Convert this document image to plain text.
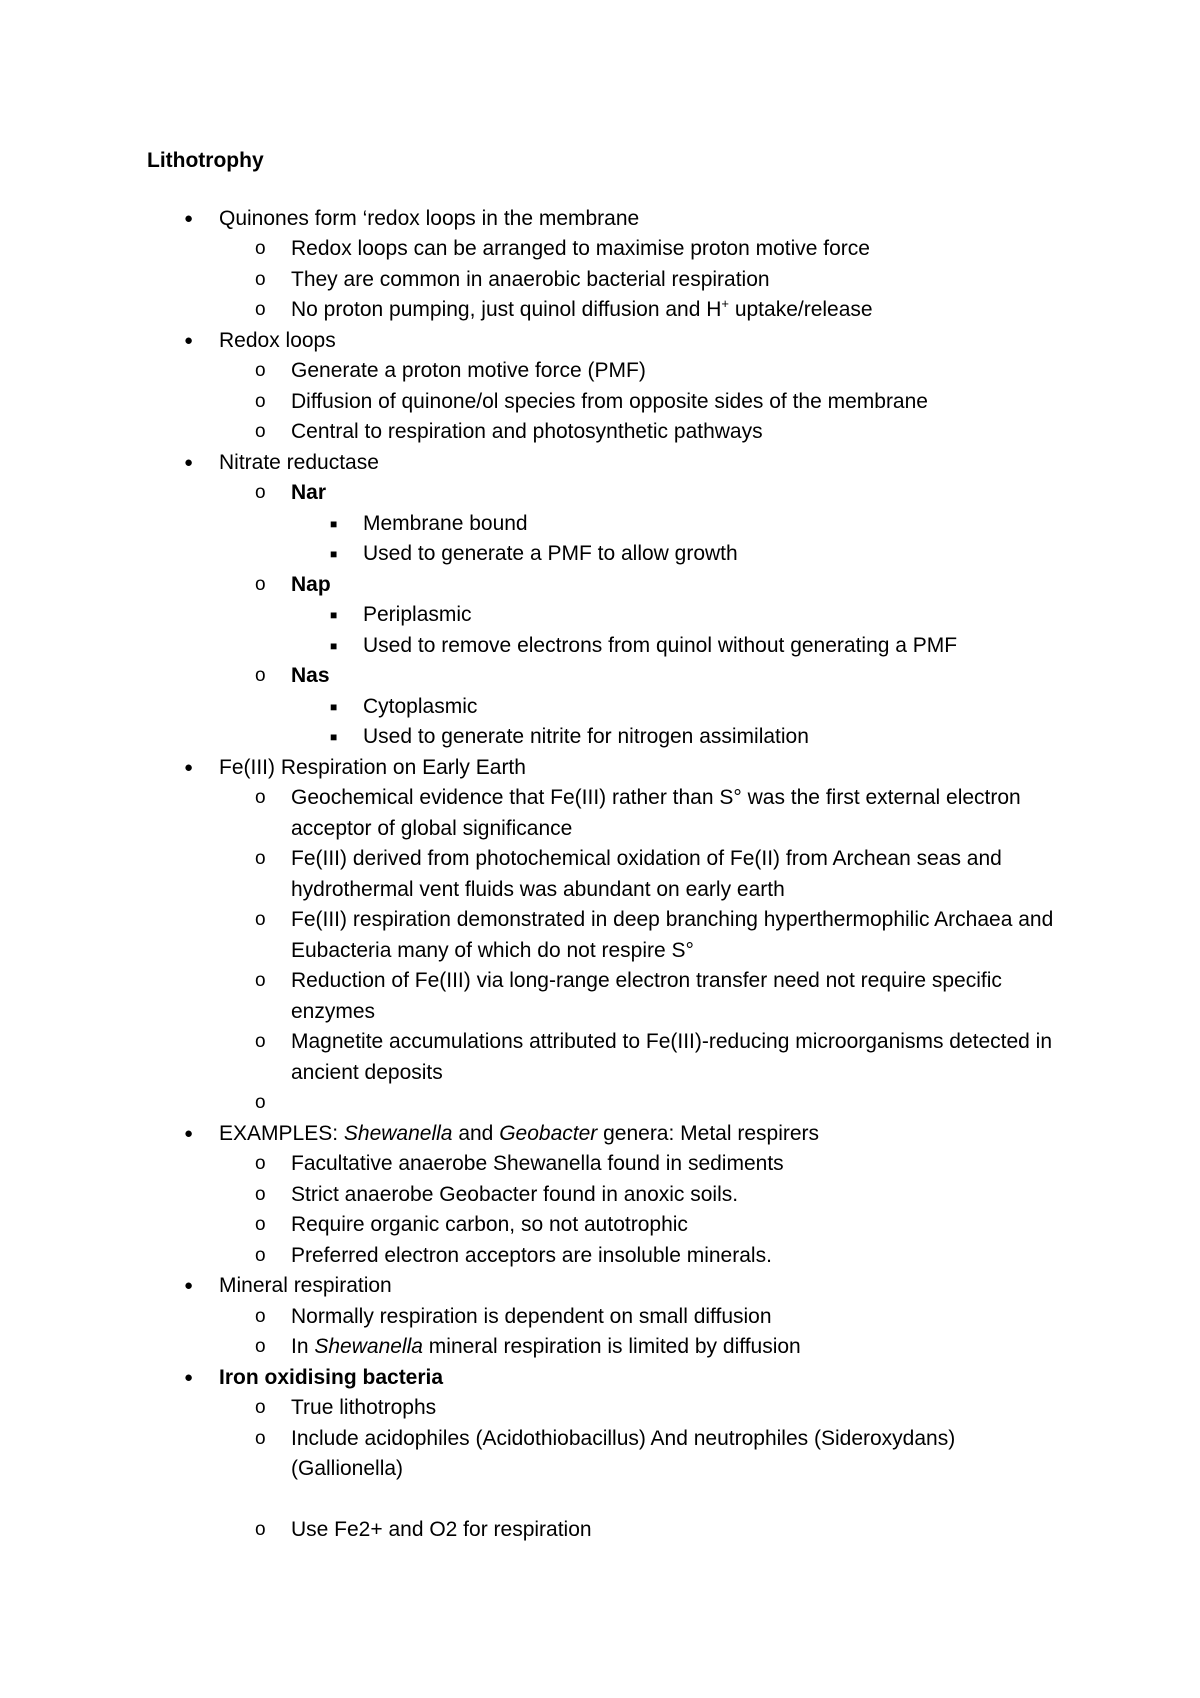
Lithotrophy
● Quinones form ‘redox loops in the membrane
o Redox loops can be arranged to maximise proton motive force
o They are common in anaerobic bacterial respiration
o No proton pumping, just quinol diffusion and H+ uptake/release
● Redox loops
o Generate a proton motive force (PMF)
o Diffusion of quinone/ol species from opposite sides of the membrane
o Central to respiration and photosynthetic pathways
● Nitrate reductase
o Nar
■ Membrane bound
■ Used to generate a PMF to allow growth
o Nap
■ Periplasmic
■ Used to remove electrons from quinol without generating a PMF
o Nas
■ Cytoplasmic
■ Used to generate nitrite for nitrogen assimilation
● Fe(III) Respiration on Early Earth
o Geochemical evidence that Fe(III) rather than S° was the first external electron acceptor of global significance
o Fe(III) derived from photochemical oxidation of Fe(II) from Archean seas and hydrothermal vent fluids was abundant on early earth
o Fe(III) respiration demonstrated in deep branching hyperthermophilic Archaea and Eubacteria many of which do not respire S°
o Reduction of Fe(III) via long-range electron transfer need not require specific enzymes
o Magnetite accumulations attributed to Fe(III)-reducing microorganisms detected in ancient deposits
o
● EXAMPLES: Shewanella and Geobacter genera: Metal respirers
o Facultative anaerobe Shewanella found in sediments
o Strict anaerobe Geobacter found in anoxic soils.
o Require organic carbon, so not autotrophic
o Preferred electron acceptors are insoluble minerals.
● Mineral respiration
o Normally respiration is dependent on small diffusion
o In Shewanella mineral respiration is limited by diffusion
● Iron oxidising bacteria
o True lithotrophs
o Include acidophiles (Acidothiobacillus) And neutrophiles (Sideroxydans) (Gallionella)
o Use Fe2+ and O2 for respiration
